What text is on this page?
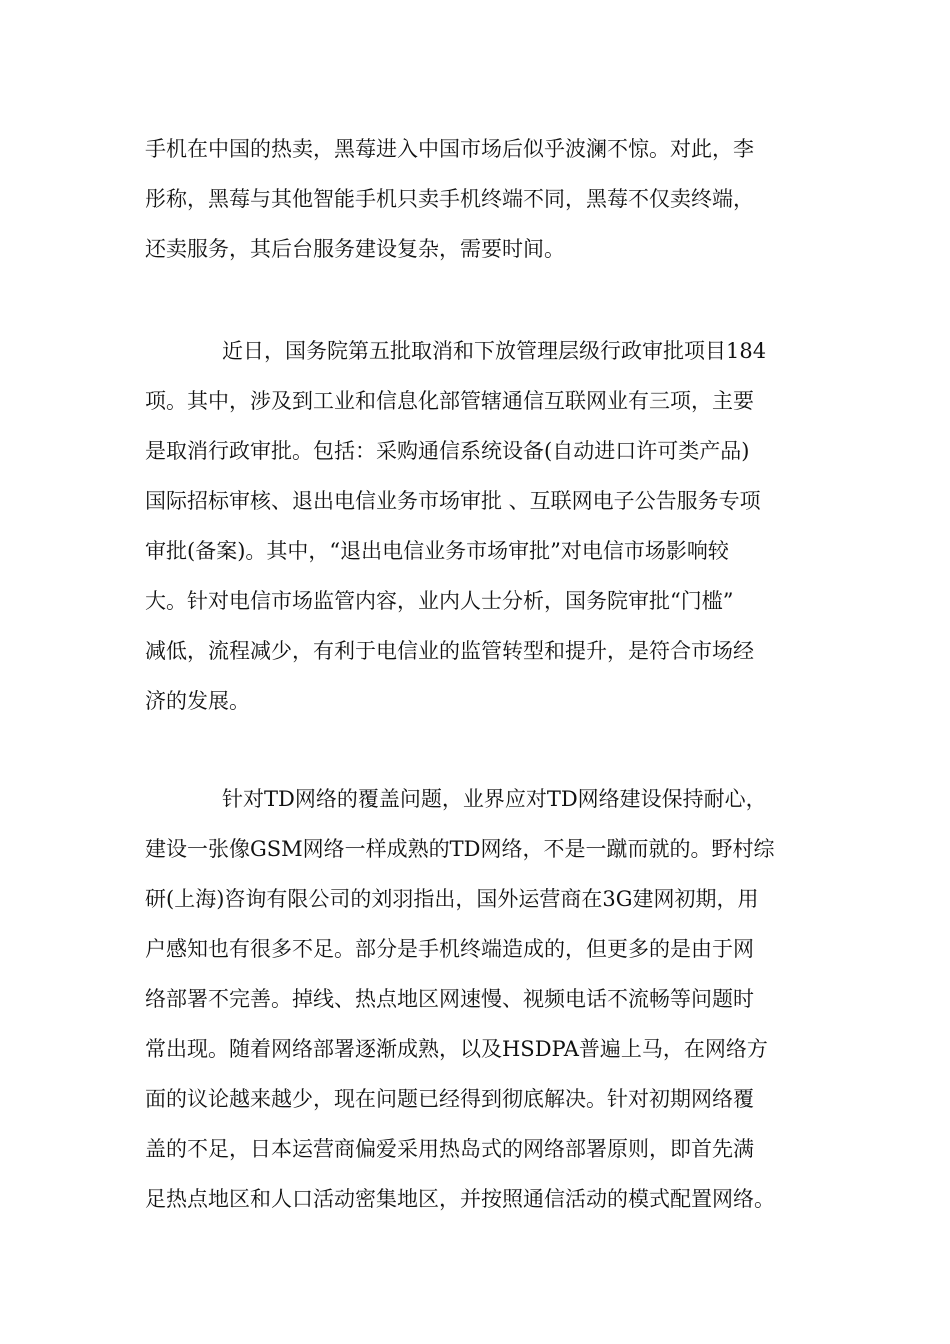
手机在中国的热卖，黑莓进入中国市场后似乎波澜不惊。对此，李
彤称，黑莓与其他智能手机只卖手机终端不同，黑莓不仅卖终端，
还卖服务，其后台服务建设复杂，需要时间。
近日，国务院第五批取消和下放管理层级行政审批项目184
项。其中，涉及到工业和信息化部管辖通信互联网业有三项，主要
是取消行政审批。包括：采购通信系统设备(自动进口许可类产品)
国际招标审核、退出电信业务市场审批 、互联网电子公告服务专项
审批(备案)。其中，“退出电信业务市场审批”对电信市场影响较
大。针对电信市场监管内容，业内人士分析，国务院审批“门槛”
减低，流程减少，有利于电信业的监管转型和提升，是符合市场经
济的发展。
针对TD网络的覆盖问题，业界应对TD网络建设保持耐心，
建设一张像GSM网络一样成熟的TD网络，不是一蹴而就的。野村综
研(上海)咨询有限公司的刘羽指出，国外运营商在3G建网初期，用
户感知也有很多不足。部分是手机终端造成的，但更多的是由于网
络部署不完善。掉线、热点地区网速慢、视频电话不流畅等问题时
常出现。随着网络部署逐渐成熟，以及HSDPA普遍上马，在网络方
面的议论越来越少，现在问题已经得到彻底解决。针对初期网络覆
盖的不足，日本运营商偏爱采用热岛式的网络部署原则，即首先满
足热点地区和人口活动密集地区，并按照通信活动的模式配置网络。
